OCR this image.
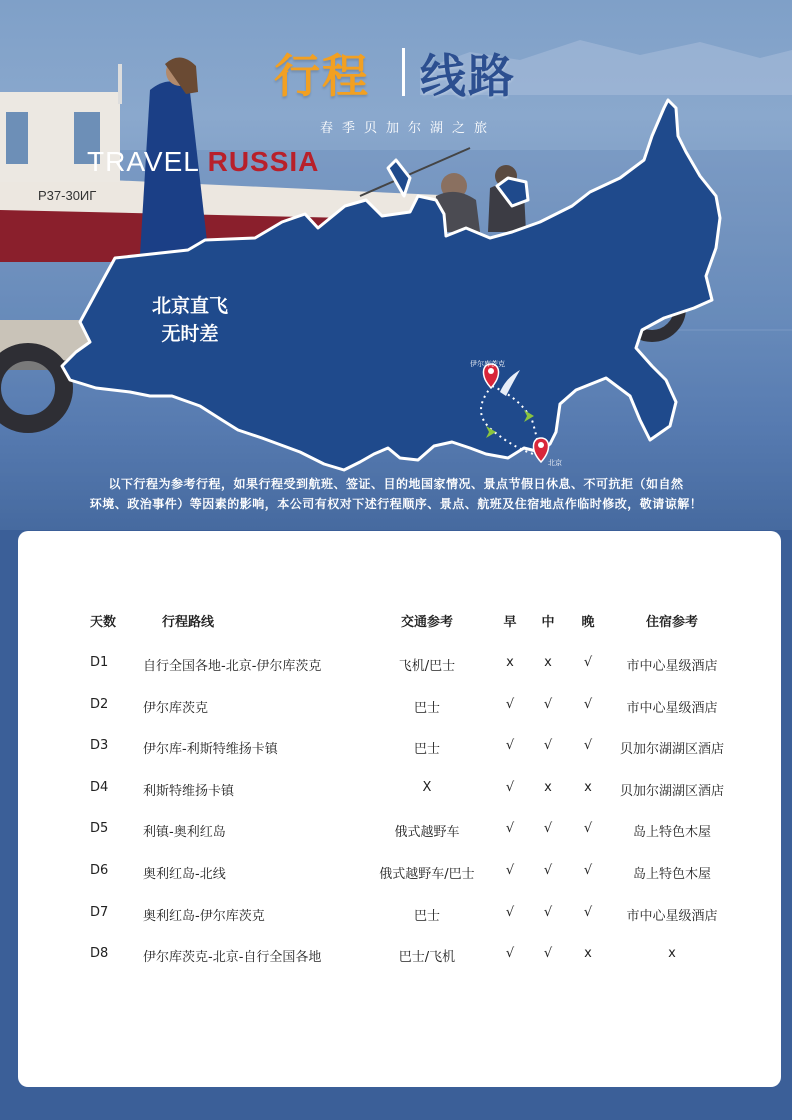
P37-30ИГ
行程 线路
春季贝加尔湖之旅
TRAVEL RUSSIA
北京直飞
无时差
伊尔库茨克
北京
以下行程为参考行程，如果行程受到航班、签证、目的地国家情况、景点节假日休息、不可抗拒（如自然
环境、政治事件）等因素的影响，本公司有权对下述行程顺序、景点、航班及住宿地点作临时修改，敬请谅解！
天数	行程路线	交通参考	早 中 晚	住宿参考
D1	自行全国各地-北京-伊尔库茨克	飞机/巴士	x	x	√	市中心星级酒店
D2	伊尔库茨克	巴士	√ √ √	市中心星级酒店
D3	伊尔库-利斯特维扬卡镇	巴士	√ √ √	贝加尔湖湖区酒店
D4	利斯特维扬卡镇	X	√	x	x	贝加尔湖湖区酒店
D5	利镇-奥利红岛	俄式越野车	√ √ √	岛上特色木屋
D6	奥利红岛-北线	俄式越野车/巴士	√ √ √	岛上特色木屋
D7	奥利红岛-伊尔库茨克	巴士	√ √ √	市中心星级酒店
D8	伊尔库茨克-北京-自行全国各地	巴士/飞机	√ √	x	x
